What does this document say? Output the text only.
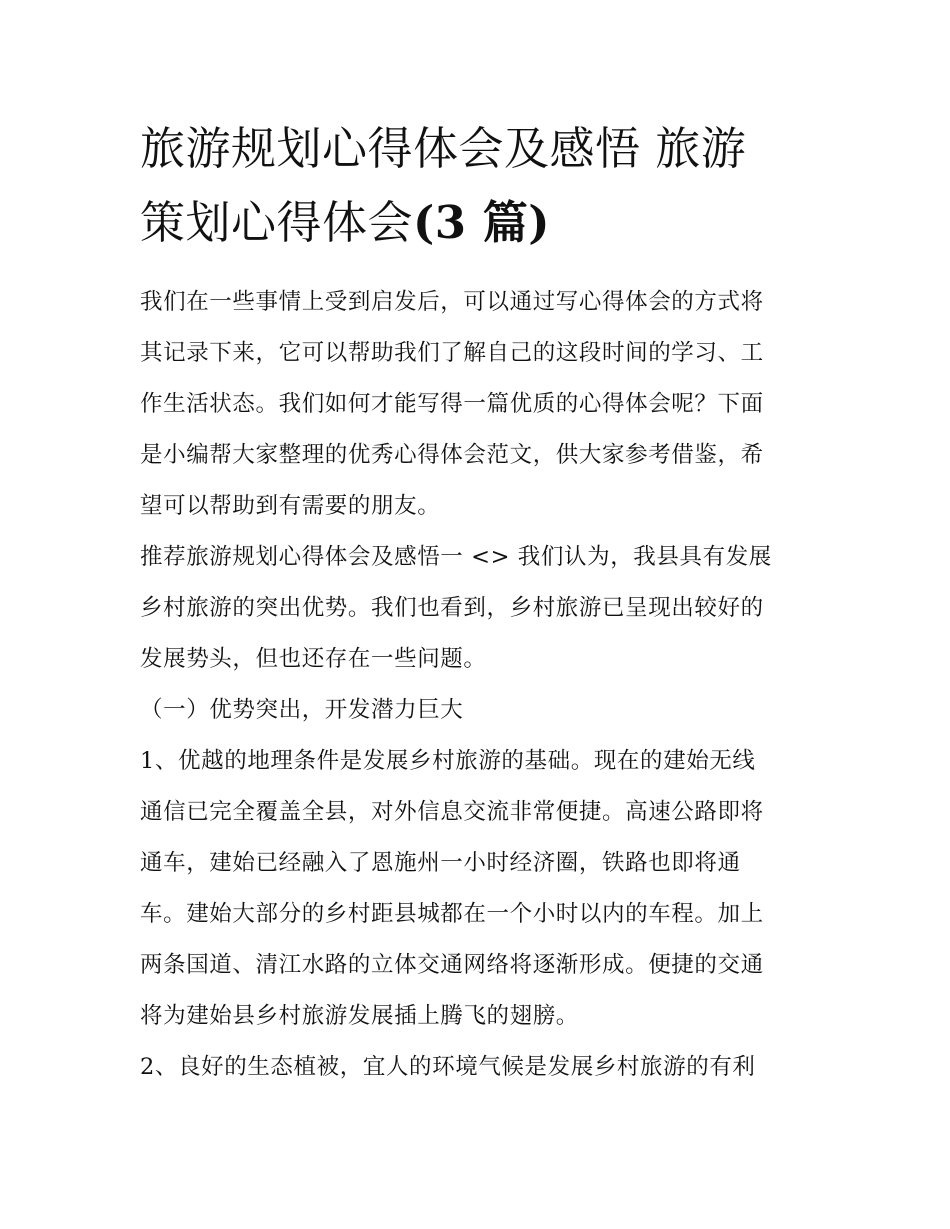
旅游规划心得体会及感悟 旅游
策划心得体会(3 篇)
我们在一些事情上受到启发后，可以通过写心得体会的方式将
其记录下来，它可以帮助我们了解自己的这段时间的学习、工
作生活状态。我们如何才能写得一篇优质的心得体会呢？下面
是小编帮大家整理的优秀心得体会范文，供大家参考借鉴，希
望可以帮助到有需要的朋友。
推荐旅游规划心得体会及感悟一 <> 我们认为，我县具有发展
乡村旅游的突出优势。我们也看到，乡村旅游已呈现出较好的
发展势头，但也还存在一些问题。
（一）优势突出，开发潜力巨大
1、优越的地理条件是发展乡村旅游的基础。现在的建始无线
通信已完全覆盖全县，对外信息交流非常便捷。高速公路即将
通车，建始已经融入了恩施州一小时经济圈，铁路也即将通
车。建始大部分的乡村距县城都在一个小时以内的车程。加上
两条国道、清江水路的立体交通网络将逐渐形成。便捷的交通
将为建始县乡村旅游发展插上腾飞的翅膀。
2、良好的生态植被，宜人的环境气候是发展乡村旅游的有利
